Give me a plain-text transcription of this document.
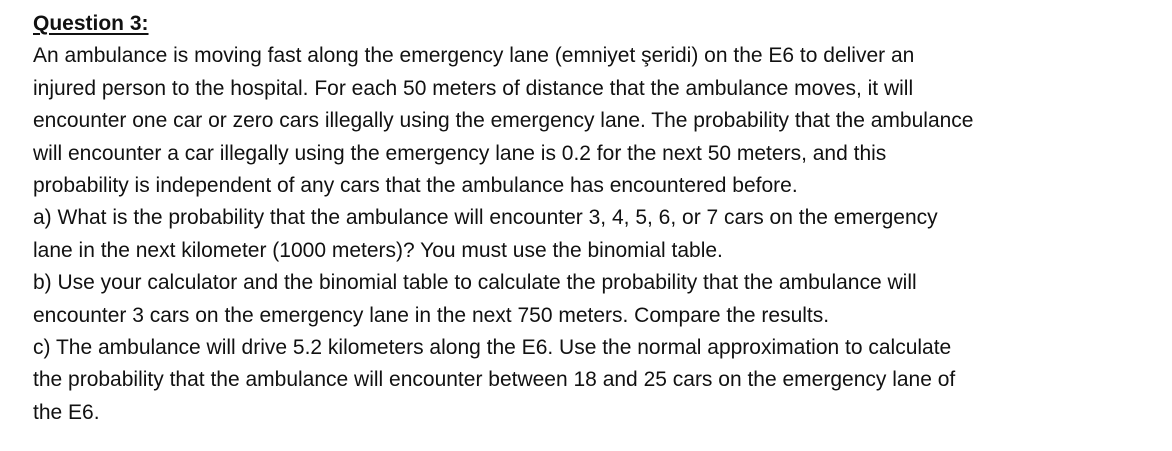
Question 3:
An ambulance is moving fast along the emergency lane (emniyet şeridi) on the E6 to deliver an
injured person to the hospital. For each 50 meters of distance that the ambulance moves, it will
encounter one car or zero cars illegally using the emergency lane. The probability that the ambulance
will encounter a car illegally using the emergency lane is 0.2 for the next 50 meters, and this
probability is independent of any cars that the ambulance has encountered before.
a) What is the probability that the ambulance will encounter 3, 4, 5, 6, or 7 cars on the emergency
lane in the next kilometer (1000 meters)? You must use the binomial table.
b) Use your calculator and the binomial table to calculate the probability that the ambulance will
encounter 3 cars on the emergency lane in the next 750 meters. Compare the results.
c) The ambulance will drive 5.2 kilometers along the E6. Use the normal approximation to calculate
the probability that the ambulance will encounter between 18 and 25 cars on the emergency lane of
the E6.
